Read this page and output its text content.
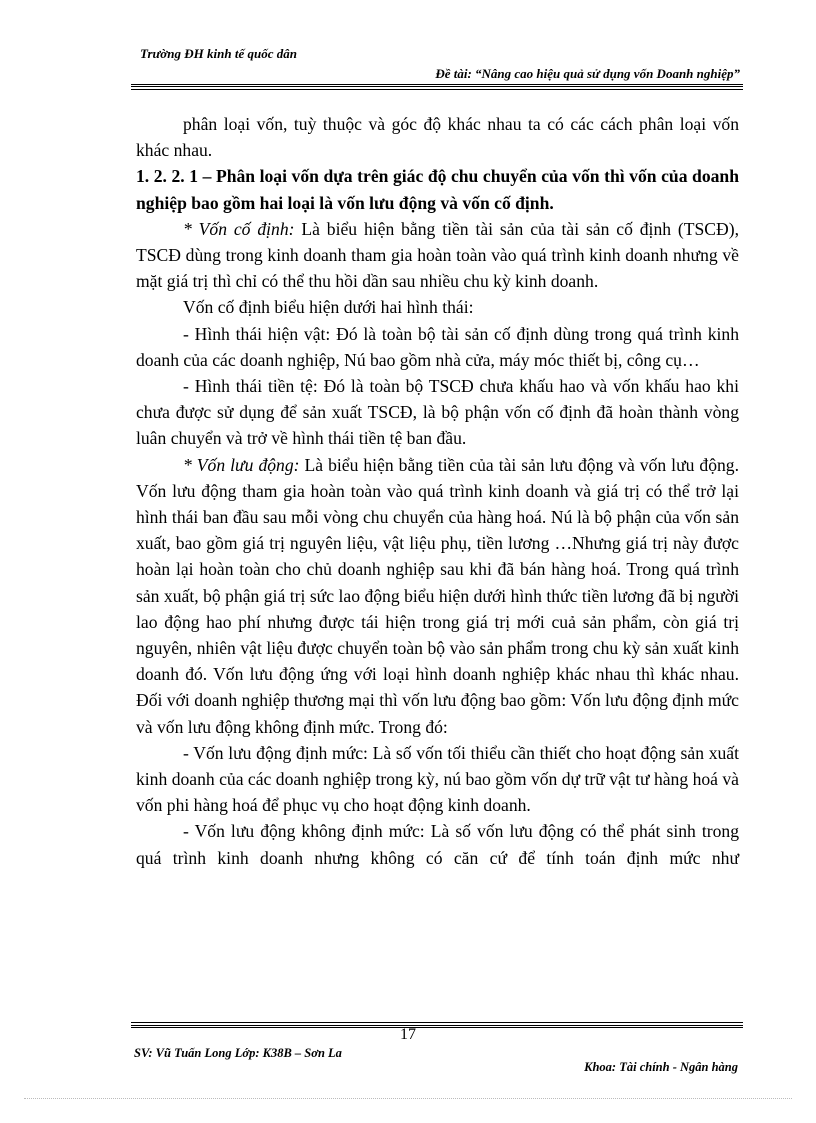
Trường ĐH kinh tế quốc dân
Đề tài: “Nâng cao hiệu quả sử dụng vốn Doanh nghiệp”

phân loại vốn, tuỳ thuộc và góc độ khác nhau ta có các cách phân loại vốn khác nhau.

1. 2. 2. 1 – Phân loại vốn dựa trên giác độ chu chuyển của vốn thì vốn của doanh nghiệp bao gồm hai loại là vốn lưu động và vốn cố định.

* Vốn cố định: Là biểu hiện bằng tiền tài sản của tài sản cố định (TSCĐ), TSCĐ dùng trong kinh doanh tham gia hoàn toàn vào quá trình kinh doanh nhưng về mặt giá trị thì chỉ có thể thu hồi dần sau nhiều chu kỳ kinh doanh.

Vốn cố định biểu hiện dưới hai hình thái:

- Hình thái hiện vật: Đó là toàn bộ tài sản cố định dùng trong quá trình kinh doanh của các doanh nghiệp, Nú bao gồm nhà cửa, máy móc thiết bị, công cụ…

- Hình thái tiền tệ: Đó là toàn bộ TSCĐ chưa khấu hao và vốn khấu hao khi chưa được sử dụng để sản xuất TSCĐ, là bộ phận vốn cố định đã hoàn thành vòng luân chuyển và trở về hình thái tiền tệ ban đầu.

* Vốn lưu động: Là biểu hiện bằng tiền của tài sản lưu động và vốn lưu động. Vốn lưu động tham gia hoàn toàn vào quá trình kinh doanh và giá trị có thể trở lại hình thái ban đầu sau mỗi vòng chu chuyển của hàng hoá. Nú là bộ phận của vốn sản xuất, bao gồm giá trị nguyên liệu, vật liệu phụ, tiền lương …Nhưng giá trị này được hoàn lại hoàn toàn cho chủ doanh nghiệp sau khi đã bán hàng hoá. Trong quá trình sản xuất, bộ phận giá trị sức lao động biểu hiện dưới hình thức tiền lương đã bị người lao động hao phí nhưng được tái hiện trong giá trị mới cuả sản phẩm, còn giá trị nguyên, nhiên vật liệu được chuyển toàn bộ vào sản phẩm trong chu kỳ sản xuất kinh doanh đó. Vốn lưu động ứng với loại hình doanh nghiệp khác nhau thì khác nhau. Đối với doanh nghiệp thương mại thì vốn lưu động bao gồm: Vốn lưu động định mức và vốn lưu động không định mức. Trong đó:

- Vốn lưu động định mức: Là số vốn tối thiểu cần thiết cho hoạt động sản xuất kinh doanh của các doanh nghiệp trong kỳ, nú bao gồm vốn dự trữ vật tư hàng hoá và vốn phi hàng hoá để phục vụ cho hoạt động kinh doanh.

- Vốn lưu động không định mức: Là số vốn lưu động có thể phát sinh trong quá trình kinh doanh nhưng không có căn cứ để tính toán định mức như

17
SV: Vũ Tuấn Long Lớp: K38B – Sơn La
Khoa: Tài chính - Ngân hàng
